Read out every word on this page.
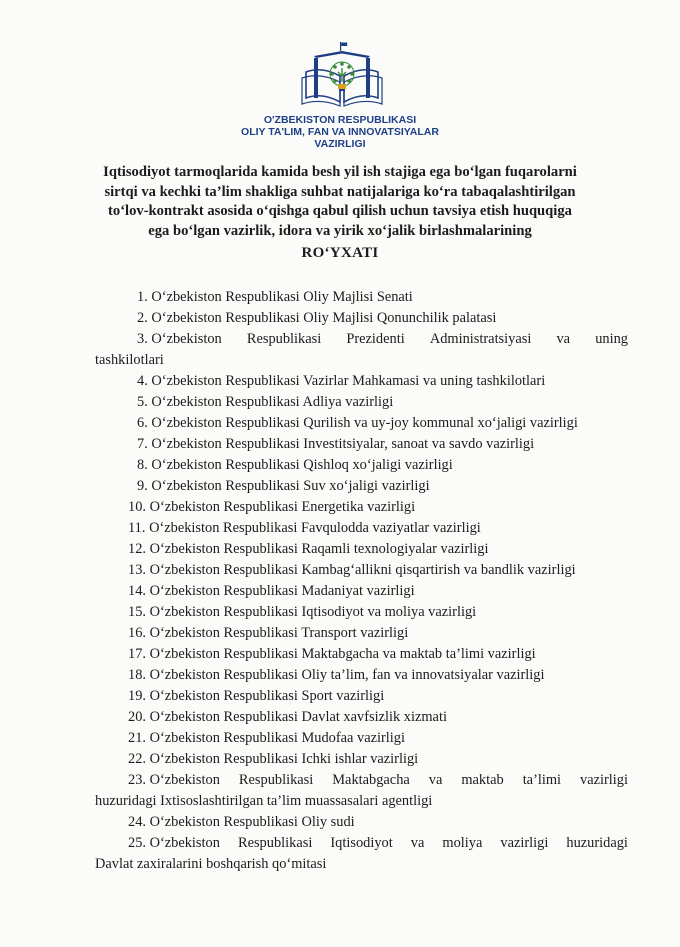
O'ZBEKISTON RESPUBLIKASI
OLIY TA'LIM, FAN VA INNOVATSIYALAR
VAZIRLIGI
Iqtisodiyot tarmoqlarida kamida besh yil ish stajiga ega bo‘lgan fuqarolarni
sirtqi va kechki ta’lim shakliga suhbat natijalariga ko‘ra tabaqalashtirilgan
to‘lov-kontrakt asosida o‘qishga qabul qilish uchun tavsiya etish huquqiga
ega bo‘lgan vazirlik, idora va yirik xo‘jalik birlashmalarining
RO‘YXATI
1. O‘zbekiston Respublikasi Oliy Majlisi Senati
2. O‘zbekiston Respublikasi Oliy Majlisi Qonunchilik palatasi
3. O‘zbekiston Respublikasi Prezidenti Administratsiyasi va uning
tashkilotlari
4. O‘zbekiston Respublikasi Vazirlar Mahkamasi va uning tashkilotlari
5. O‘zbekiston Respublikasi Adliya vazirligi
6. O‘zbekiston Respublikasi Qurilish va uy-joy kommunal xo‘jaligi vazirligi
7. O‘zbekiston Respublikasi Investitsiyalar, sanoat va savdo vazirligi
8. O‘zbekiston Respublikasi Qishloq xo‘jaligi vazirligi
9. O‘zbekiston Respublikasi Suv xo‘jaligi vazirligi
10. O‘zbekiston Respublikasi Energetika vazirligi
11. O‘zbekiston Respublikasi Favqulodda vaziyatlar vazirligi
12. O‘zbekiston Respublikasi Raqamli texnologiyalar vazirligi
13. O‘zbekiston Respublikasi Kambag‘allikni qisqartirish va bandlik vazirligi
14. O‘zbekiston Respublikasi Madaniyat vazirligi
15. O‘zbekiston Respublikasi Iqtisodiyot va moliya vazirligi
16. O‘zbekiston Respublikasi Transport vazirligi
17. O‘zbekiston Respublikasi Maktabgacha va maktab ta’limi vazirligi
18. O‘zbekiston Respublikasi Oliy ta’lim, fan va innovatsiyalar vazirligi
19. O‘zbekiston Respublikasi Sport vazirligi
20. O‘zbekiston Respublikasi Davlat xavfsizlik xizmati
21. O‘zbekiston Respublikasi Mudofaa vazirligi
22. O‘zbekiston Respublikasi Ichki ishlar vazirligi
23. O‘zbekiston Respublikasi Maktabgacha va maktab ta’limi vazirligi
huzuridagi Ixtisoslashtirilgan ta’lim muassasalari agentligi
24. O‘zbekiston Respublikasi Oliy sudi
25. O‘zbekiston Respublikasi Iqtisodiyot va moliya vazirligi huzuridagi
Davlat zaxiralarini boshqarish qo‘mitasi
